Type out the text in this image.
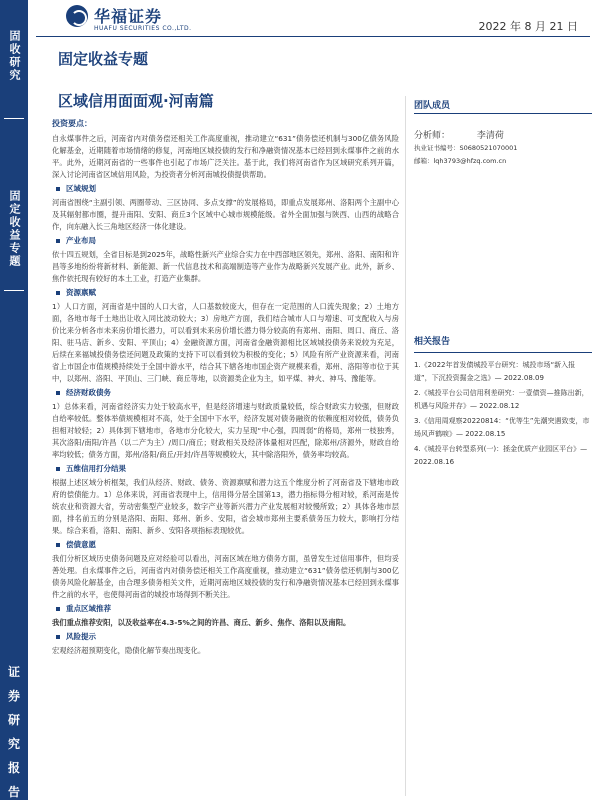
固收研究
固定收益专题
证
券
研
究
报
告
华福证券
HUAFU SECURITIES CO.,LTD.	2022 年 8 月 21 日
固定收益专题
区域信用面面观·河南篇

投资要点：

自永煤事件之后，河南省内对债务偿还相关工作高度重视，推动建立“631”债务偿还机制与300亿债务风险化解基金，近期随着市场情绪的修复，河南地区城投债的发行和净融资情况基本已经回到永煤事件之前的水平。此外，近期河南省的一些事件也引起了市场广泛关注。基于此，我们将河南省作为区域研究系列开篇，深入讨论河南省区域信用风险，为投资者分析河南城投债提供帮助。

区域规划

河南省围绕“主副引领、两圈带动、三区协同、多点支撑”的发展格局，即重点发展郑州、洛阳两个主副中心及其辐射都市圈，提升南阳、安阳、商丘3个区域中心城市规模能级。省外全面加强与陕西、山西的战略合作，向东融入长三角地区经济一体化建设。

产业布局

依十四五规划，全省目标是到2025年，战略性新兴产业综合实力在中西部地区领先，郑州、洛阳、南阳和许昌等多地纷纷将新材料、新能源、新一代信息技术和高端制造等产业作为战略新兴发展产业。此外，新乡、焦作依托现有较好的本土工业，打造产业集群。

资源禀赋

1）人口方面，河南省是中国的人口大省，人口基数较庞大，但存在一定范围的人口流失现象；2）土地方面，各地市每千土地出让收入同比波动较大；3）房地产方面，我们结合城市人口与增速、可支配收入与房价比来分析各市未来房价增长潜力，可以看到未来房价增长潜力得分较高的有郑州、南阳、周口、商丘、洛阳、驻马店、新乡、安阳、平顶山；4）金融资源方面，河南省金融资源相比区域城投债务来说较为充足，后续在来福城投债务偿还问题及政策的支持下可以看到较为积极的变化；5）风险有所产业资源来看，河南省上市国企市值规模持续处于全国中游水平，结合其下辖各地市国企资产规模来看，郑州、洛阳等市位于其中，以郑州、洛阳、平顶山、三门峡、商丘等地，以资源类企业为主，如平煤、神火、神马、豫能等。

经济财政债务

1）总体来看，河南省经济实力处于较高水平，但是经济增速与财政质量较低，综合财政实力较强，但财政自给率较低。整体举债规模相对不高，处于全国中下水平，经济发展对债务融资的依赖度相对较低，债务负担相对较轻；2）具体到下辖地市，各地市分化较大，实力呈现“中心强，四周弱”的格局，郑州一枝独秀，其次洛阳/南阳/许昌（以二产为主）/周口/商丘；财政相关及经济体量相对匹配，除郑州/济源外，财政自给率均较低；债务方面，郑州/洛阳/商丘/开封/许昌等规模较大，其中除洛阳外，债务率均较高。

五维信用打分结果

根据上述区域分析框架，我们从经济、财政、债务、资源禀赋和潜力这五个维度分析了河南省及下辖地市政府的偿债能力。1）总体来说，河南省表现中上，信用得分居全国第13，潜力指标得分相对较，系河南是传统农业和资源大省，劳动密集型产业较多，数字产业等新兴潜力产业发展相对较慢所致；2）具体各地市层面，排名前五的分别是洛阳、南阳、郑州、新乡、安阳，省会城市郑州主要系债务压力较大，影响打分结果。综合来看，洛阳、南阳、新乡、安阳各项指标表现较优。

偿债意愿

我们分析区域历史债务问题及应对经验可以看出，河南区域在地方债务方面，虽曾发生过信用事件，但均妥善处理。自永煤事件之后，河南省内对债务偿还相关工作高度重视，推动建立“631”债务偿还机制与300亿债务风险化解基金，由合理多债务相关文件，近期河南地区城投债的发行和净融资情况基本已经回到永煤事件之前的水平，也使得河南省的城投市场得到不断关注。

重点区域推荐

我们重点推荐安阳，以及收益率在4.3-5%之间的许昌、商丘、新乡、焦作、洛阳以及南阳。

风险提示

宏观经济超预期变化，隐债化解节奏出现变化。

团队成员
分析师：	李清荷
执业证书编号：S0680521070001
邮箱：lqh3793@hfzq.com.cn
相关报告

1.《2022年首发债城投平台研究：城投市场“新入报道”，下沉投资掘金之选》— 2022.08.09

2.《城投平台公司信用利差研究：一壹债资—推陈出新，机遇与风险并存》— 2022.08.12

3.《信用周观察20220814：“优等生”先潮突遇致变，市场风声鹤唳》— 2022.08.15

4.《城投平台转型系列(一)：拯金优质产业园区平台》— 2022.08.16
